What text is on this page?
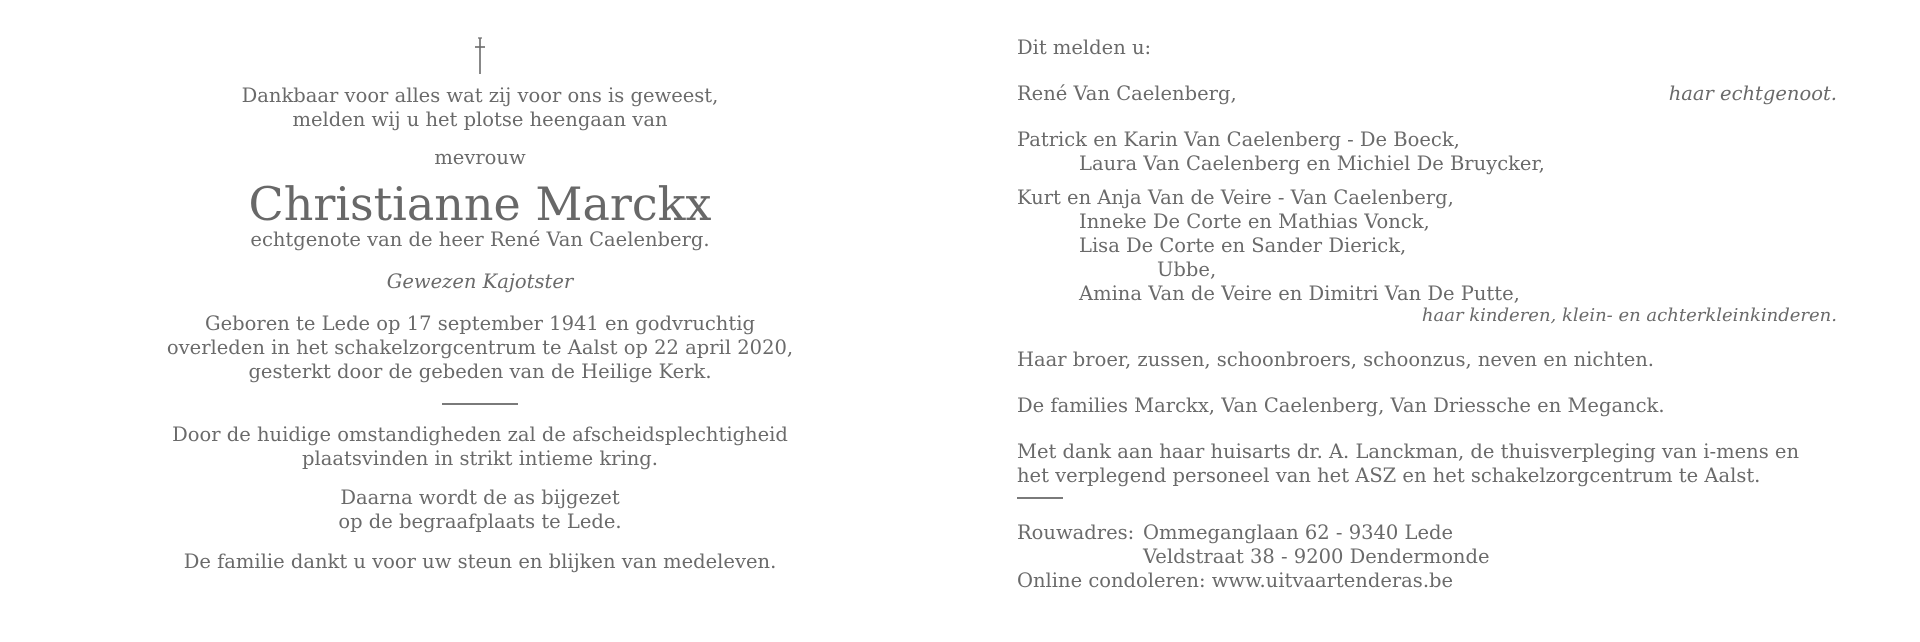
Dankbaar voor alles wat zij voor ons is geweest,

melden wij u het plotse heengaan van

mevrouw

Christianne Marckx

echtgenote van de heer René Van Caelenberg.

Gewezen Kajotster

Geboren te Lede op 17 september 1941 en godvruchtig

overleden in het schakelzorgcentrum te Aalst op 22 april 2020,

gesterkt door de gebeden van de Heilige Kerk.

Door de huidige omstandigheden zal de afscheidsplechtigheid

plaatsvinden in strikt intieme kring.

Daarna wordt de as bijgezet

op de begraafplaats te Lede.

De familie dankt u voor uw steun en blijken van medeleven.

Dit melden u:

René Van Caelenberg,	haar echtgenoot.

Patrick en Karin Van Caelenberg - De Boeck,

Laura Van Caelenberg en Michiel De Bruycker,

Kurt en Anja Van de Veire - Van Caelenberg,

Inneke De Corte en Mathias Vonck,

Lisa De Corte en Sander Dierick,

Ubbe,

Amina Van de Veire en Dimitri Van De Putte,

haar kinderen, klein- en achterkleinkinderen.

Haar broer, zussen, schoonbroers, schoonzus, neven en nichten.

De families Marckx, Van Caelenberg, Van Driessche en Meganck.

Met dank aan haar huisarts dr. A. Lanckman, de thuisverpleging van i-mens en

het verplegend personeel van het ASZ en het schakelzorgcentrum te Aalst.

Rouwadres: Ommeganglaan 62 - 9340 Lede
Veldstraat 38 - 9200 Dendermonde

Online condoleren: www.uitvaartenderas.be
